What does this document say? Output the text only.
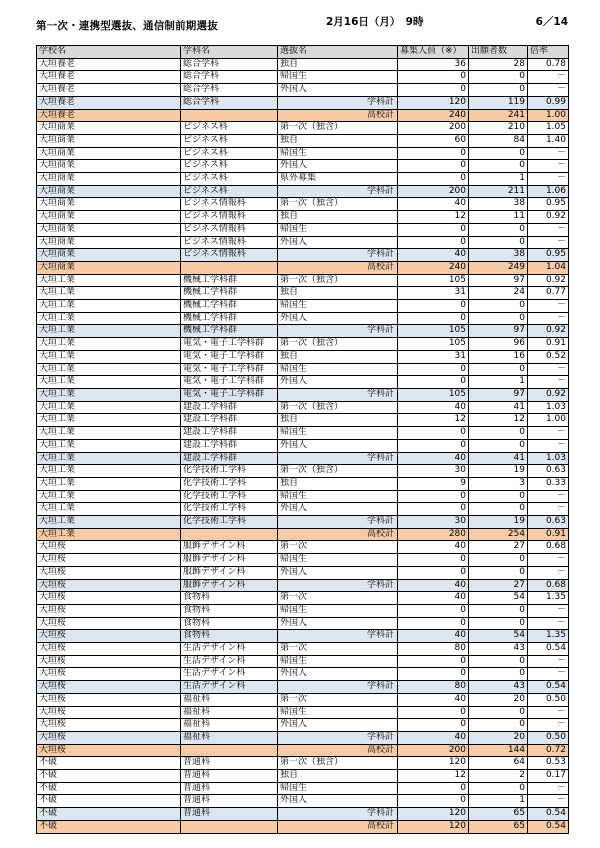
第一次・連携型選抜、通信制前期選抜	2月16日（月）　9時	6／14
学校名	学科名	選抜名	募集人員（※）	出願者数	倍率
大垣養老	総合学科	独自	36	28	0.78
大垣養老	総合学科	帰国生	0	0	－
大垣養老	総合学科	外国人	0	0	－
大垣養老	総合学科	学科計	120	119	0.99
大垣養老		高校計	240	241	1.00
大垣商業	ビジネス科	第一次（独含）	200	210	1.05
大垣商業	ビジネス科	独自	60	84	1.40
大垣商業	ビジネス科	帰国生	0	0	－
大垣商業	ビジネス科	外国人	0	0	－
大垣商業	ビジネス科	県外募集	0	1	－
大垣商業	ビジネス科	学科計	200	211	1.06
大垣商業	ビジネス情報科	第一次（独含）	40	38	0.95
大垣商業	ビジネス情報科	独自	12	11	0.92
大垣商業	ビジネス情報科	帰国生	0	0	－
大垣商業	ビジネス情報科	外国人	0	0	－
大垣商業	ビジネス情報科	学科計	40	38	0.95
大垣商業		高校計	240	249	1.04
大垣工業	機械工学科群	第一次（独含）	105	97	0.92
大垣工業	機械工学科群	独自	31	24	0.77
大垣工業	機械工学科群	帰国生	0	0	－
大垣工業	機械工学科群	外国人	0	0	－
大垣工業	機械工学科群	学科計	105	97	0.92
大垣工業	電気・電子工学科群	第一次（独含）	105	96	0.91
大垣工業	電気・電子工学科群	独自	31	16	0.52
大垣工業	電気・電子工学科群	帰国生	0	0	－
大垣工業	電気・電子工学科群	外国人	0	1	－
大垣工業	電気・電子工学科群	学科計	105	97	0.92
大垣工業	建設工学科群	第一次（独含）	40	41	1.03
大垣工業	建設工学科群	独自	12	12	1.00
大垣工業	建設工学科群	帰国生	0	0	－
大垣工業	建設工学科群	外国人	0	0	－
大垣工業	建設工学科群	学科計	40	41	1.03
大垣工業	化学技術工学科	第一次（独含）	30	19	0.63
大垣工業	化学技術工学科	独自	9	3	0.33
大垣工業	化学技術工学科	帰国生	0	0	－
大垣工業	化学技術工学科	外国人	0	0	－
大垣工業	化学技術工学科	学科計	30	19	0.63
大垣工業		高校計	280	254	0.91
大垣桜	服飾デザイン科	第一次	40	27	0.68
大垣桜	服飾デザイン科	帰国生	0	0	－
大垣桜	服飾デザイン科	外国人	0	0	－
大垣桜	服飾デザイン科	学科計	40	27	0.68
大垣桜	食物科	第一次	40	54	1.35
大垣桜	食物科	帰国生	0	0	－
大垣桜	食物科	外国人	0	0	－
大垣桜	食物科	学科計	40	54	1.35
大垣桜	生活デザイン科	第一次	80	43	0.54
大垣桜	生活デザイン科	帰国生	0	0	－
大垣桜	生活デザイン科	外国人	0	0	－
大垣桜	生活デザイン科	学科計	80	43	0.54
大垣桜	福祉科	第一次	40	20	0.50
大垣桜	福祉科	帰国生	0	0	－
大垣桜	福祉科	外国人	0	0	－
大垣桜	福祉科	学科計	40	20	0.50
大垣桜		高校計	200	144	0.72
不破	普通科	第一次（独含）	120	64	0.53
不破	普通科	独自	12	2	0.17
不破	普通科	帰国生	0	0	－
不破	普通科	外国人	0	1	－
不破	普通科	学科計	120	65	0.54
不破		高校計	120	65	0.54
